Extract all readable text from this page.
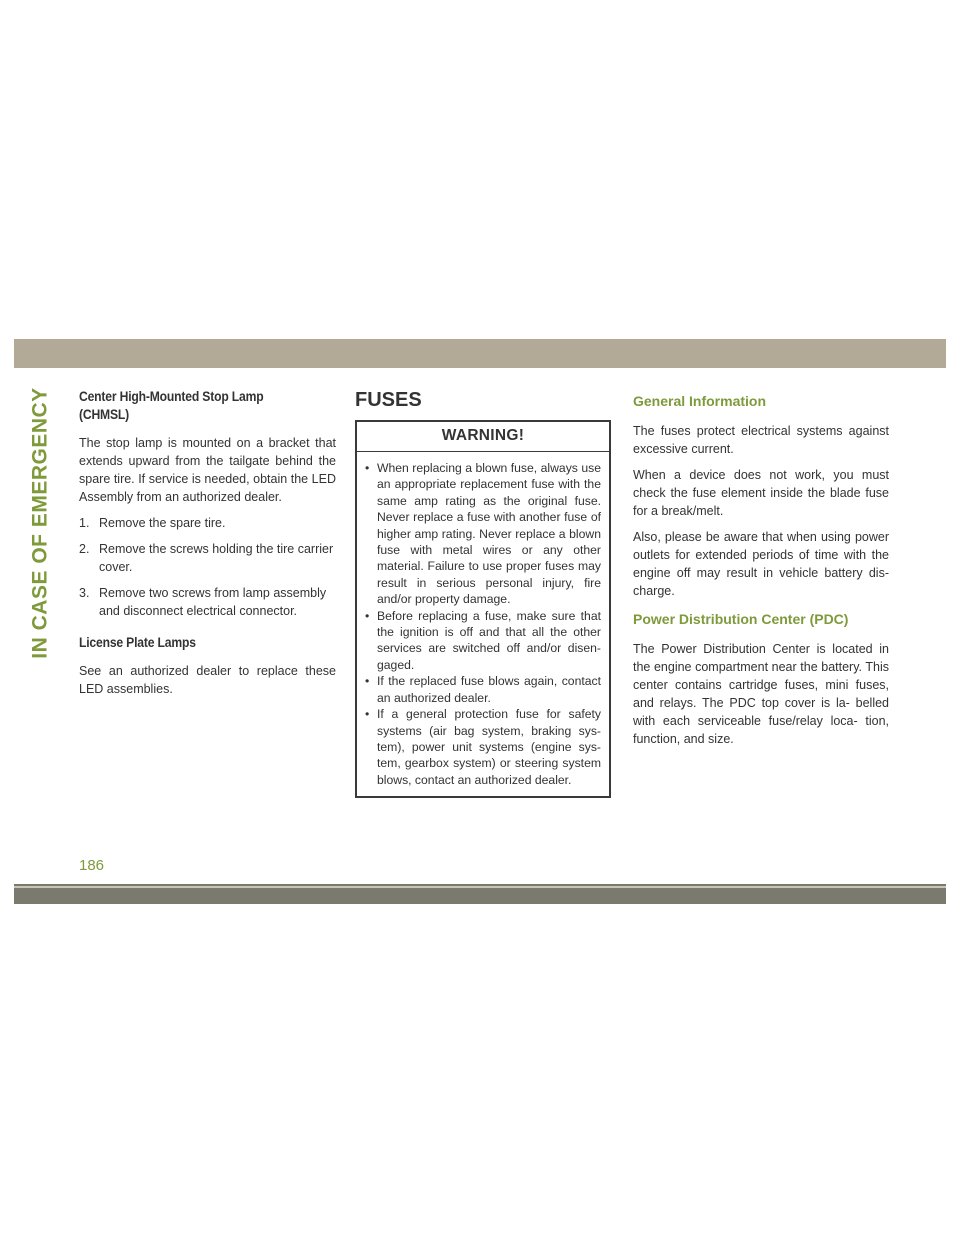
IN CASE OF EMERGENCY Center High-Mounted Stop Lamp (CHMSL)

The stop lamp is mounted on a bracket that extends upward from the tailgate behind the spare tire. If service is needed, obtain the LED Assembly from an authorized dealer.

1. Remove the spare tire.
2. Remove the screws holding the tire carrier cover.
3. Remove two screws from lamp assembly and disconnect electrical connector.
License Plate Lamps

See an authorized dealer to replace these LED assemblies.

FUSES
WARNING!
• When replacing a blown fuse, always use an appropriate replacement fuse with the same amp rating as the original fuse. Never replace a fuse with another fuse of higher amp rating. Never replace a blown fuse with metal wires or any other material. Failure to use proper fuses may result in serious personal injury, fire and/or property damage.
• Before replacing a fuse, make sure that the ignition is off and that all the other services are switched off and/or disen- gaged.
• If the replaced fuse blows again, contact an authorized dealer.
• If a general protection fuse for safety systems (air bag system, braking sys- tem), power unit systems (engine sys- tem, gearbox system) or steering system blows, contact an authorized dealer.
General Information

The fuses protect electrical systems against excessive current.

When a device does not work, you must check the fuse element inside the blade fuse for a break/melt.

Also, please be aware that when using power outlets for extended periods of time with the engine off may result in vehicle battery dis- charge.

Power Distribution Center (PDC)

The Power Distribution Center is located in the engine compartment near the battery. This center contains cartridge fuses, mini fuses, and relays. The PDC top cover is la- belled with each serviceable fuse/relay loca- tion, function, and size.

186
